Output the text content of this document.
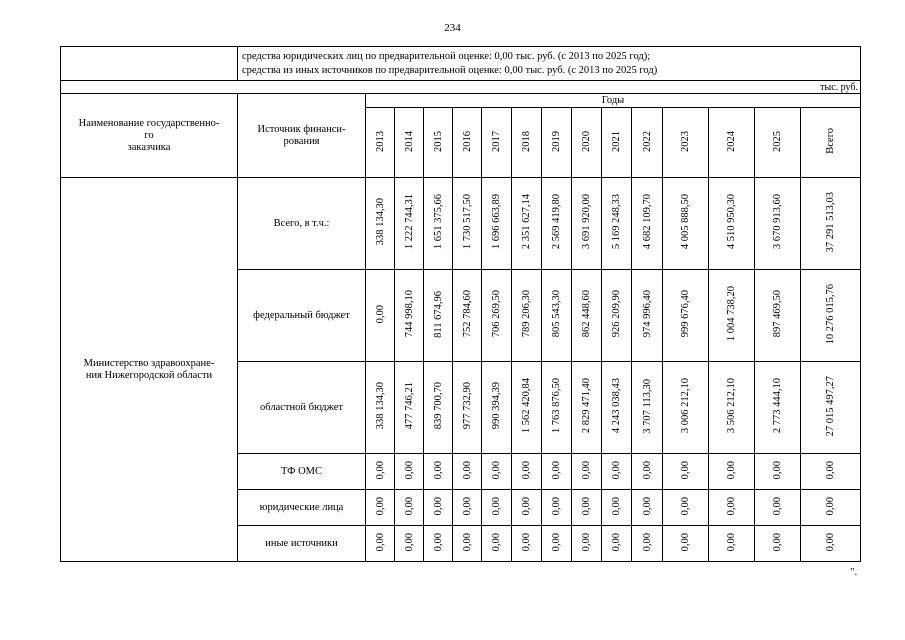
234

	средства юридических лиц по предварительной оценке: 0,00 тыс. руб. (с 2013 по 2025 год);
средства из иных источников по предварительной оценке: 0,00 тыс. руб. (с 2013 по 2025 год)														

тыс. руб.															
Наименование государственно-
го
заказчика	Источник финанси-
рования	Годы													
		2013	2014	2015	2016	2017	2018	2019	2020	2021	2022	2023	2024	2025	Всего
Министерство здравоохране-
ния Нижегородской области	Всего, в т.ч.:	338 134,30	1 222 744,31	1 651 375,66	1 730 517,50	1 696 663,89	2 351 627,14	2 569 419,80	3 691 920,00	5 169 248,33	4 682 109,70	4 005 888,50	4 510 950,30	3 670 913,60	37 291 513,03
	федеральный бюджет	0,00	744 998,10	811 674,96	752 784,60	706 269,50	789 206,30	805 543,30	862 448,60	926 209,90	974 996,40	999 676,40	1 004 738,20	897 469,50	10 276 015,76
	областной бюджет	338 134,30	477 746,21	839 700,70	977 732,90	990 394,39	1 562 420,84	1 763 876,50	2 829 471,40	4 243 038,43	3 707 113,30	3 006 212,10	3 506 212,10	2 773 444,10	27 015 497,27
	ТФ ОМС	0,00	0,00	0,00	0,00	0,00	0,00	0,00	0,00	0,00	0,00	0,00	0,00	0,00	0,00
	юридические лица	0,00	0,00	0,00	0,00	0,00	0,00	0,00	0,00	0,00	0,00	0,00	0,00	0,00	0,00
	иные источники	0,00	0,00	0,00	0,00	0,00	0,00	0,00	0,00	0,00	0,00	0,00	0,00	0,00	0,00
".
